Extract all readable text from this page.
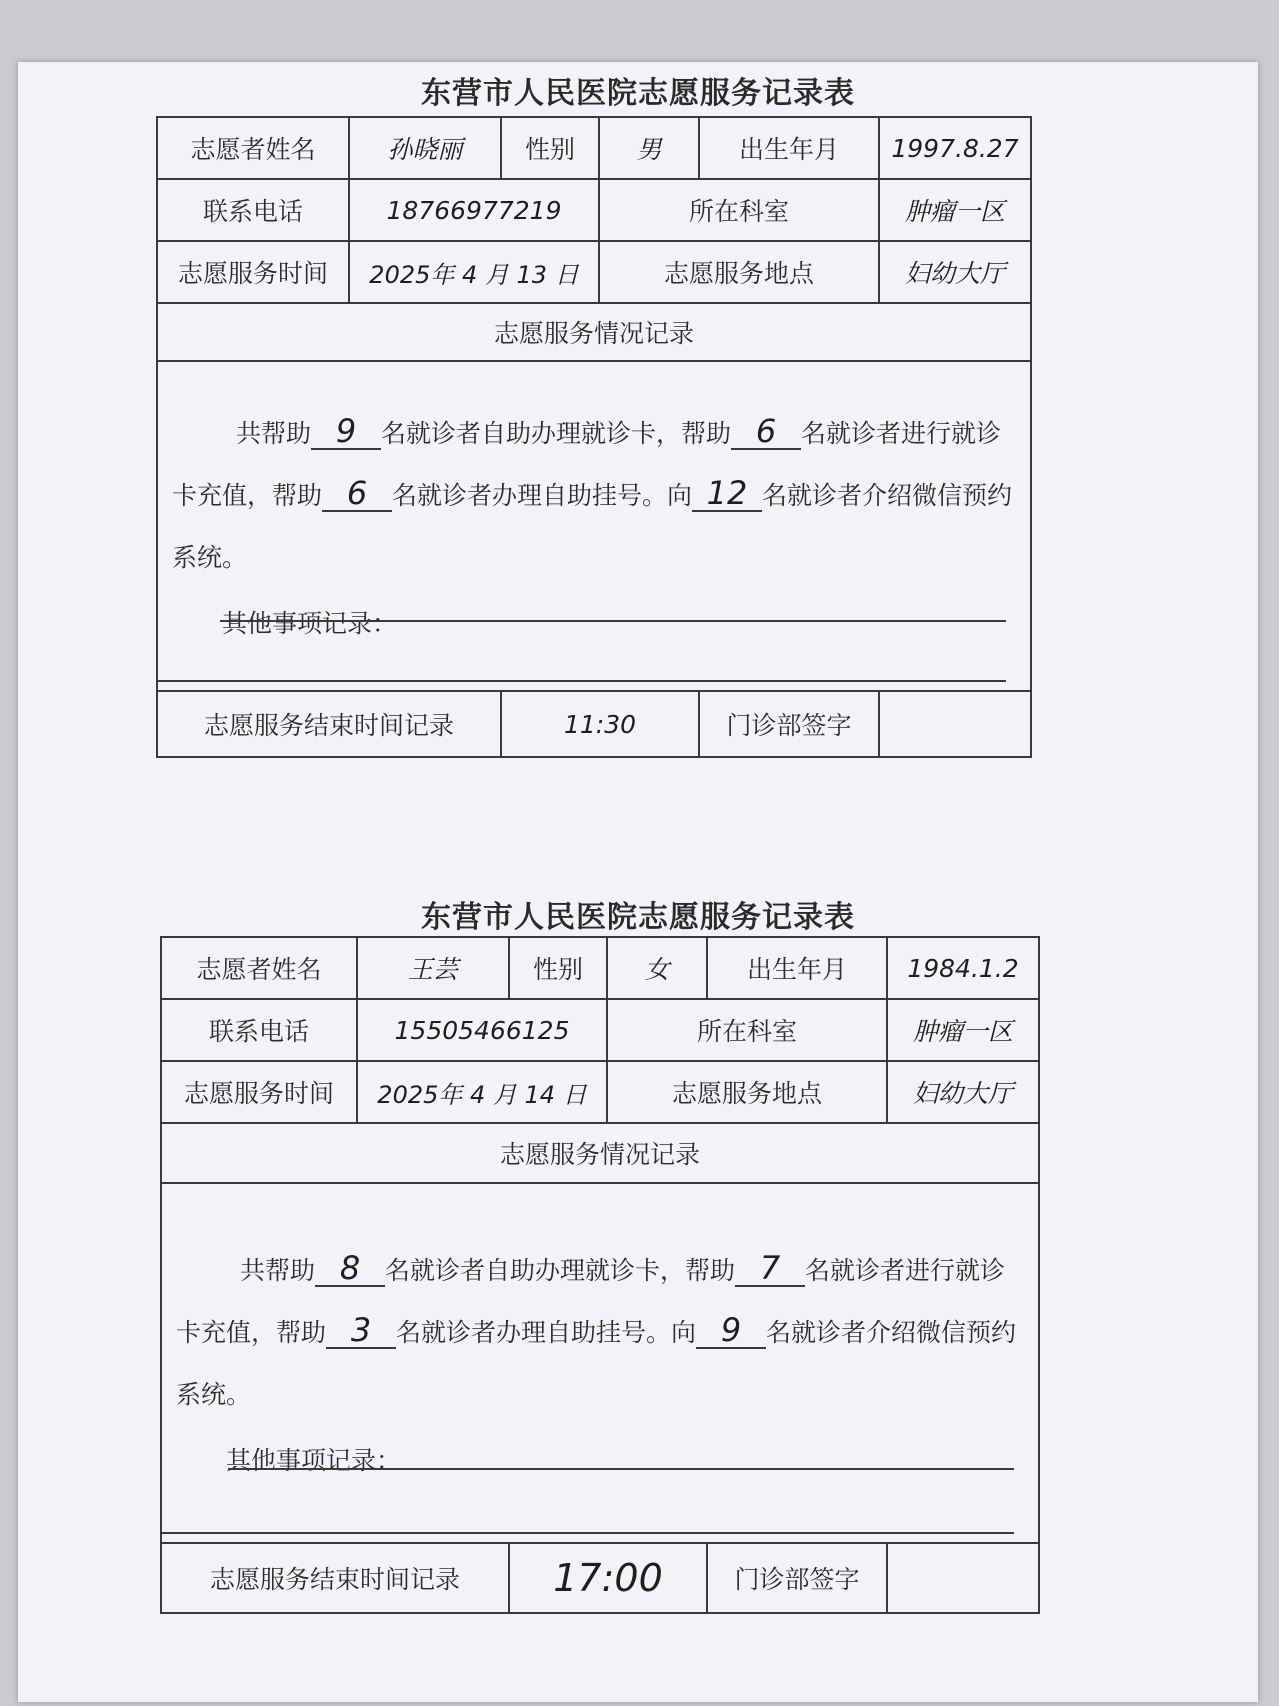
东营市人民医院志愿服务记录表
志愿者姓名	孙晓丽	性别	男	出生年月	1997.8.27
联系电话	18766977219		所在科室		肿瘤一区
志愿服务时间	2025年 4 月 13 日		志愿服务地点		妇幼大厅
志愿服务情况记录					

共帮助 9 名就诊者自助办理就诊卡，帮助 6 名就诊者进行就诊卡充值，帮助 6 名就诊者办理自助挂号。向 12 名就诊者介绍微信预约系统。
其他事项记录：					

志愿服务结束时间记录		11:30		门诊部签字	
东营市人民医院志愿服务记录表
志愿者姓名	王芸	性别	女	出生年月	1984.1.2
联系电话	15505466125		所在科室		肿瘤一区
志愿服务时间	2025年 4 月 14 日		志愿服务地点		妇幼大厅
志愿服务情况记录					

共帮助 8 名就诊者自助办理就诊卡，帮助 7 名就诊者进行就诊卡充值，帮助 3 名就诊者办理自助挂号。向 9 名就诊者介绍微信预约系统。
其他事项记录：					

志愿服务结束时间记录		17:00		门诊部签字	
